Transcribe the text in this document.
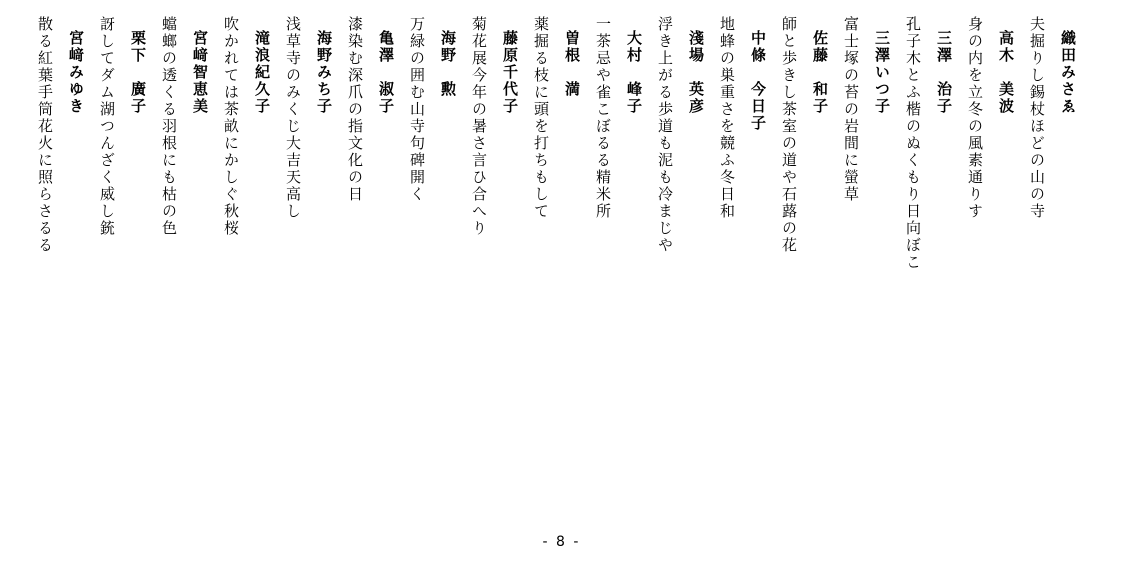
織田みさゑ
夫掘りし錫杖ほどの山の寺
高木　美波
身の内を立冬の風素通りす
三澤　治子
孔子木とふ楷のぬくもり日向ぼこ
三澤いつ子
富士塚の苔の岩間に螢草
佐藤　和子
師と歩きし茶室の道や石蕗の花
中條　今日子
地蜂の巣重さを競ふ冬日和
淺場　英彦
浮き上がる歩道も泥も冷まじや
大村　峰子
一茶忌や雀こぼるる精米所
曽根　満
薬掘る枝に頭を打ちもして
藤原千代子
菊花展今年の暑さ言ひ合へり
海野　勲
万緑の囲む山寺句碑開く
亀澤　淑子
漆染む深爪の指文化の日
海野みち子
浅草寺のみくじ大吉天高し
滝浪紀久子
吹かれては茶畝にかしぐ秋桜
宮﨑智恵美
蟷螂の透くる羽根にも枯の色
栗下　廣子
訝してダム湖つんざく威し銃
宮﨑みゆき
散る紅葉手筒花火に照らさるる
- 8 -
